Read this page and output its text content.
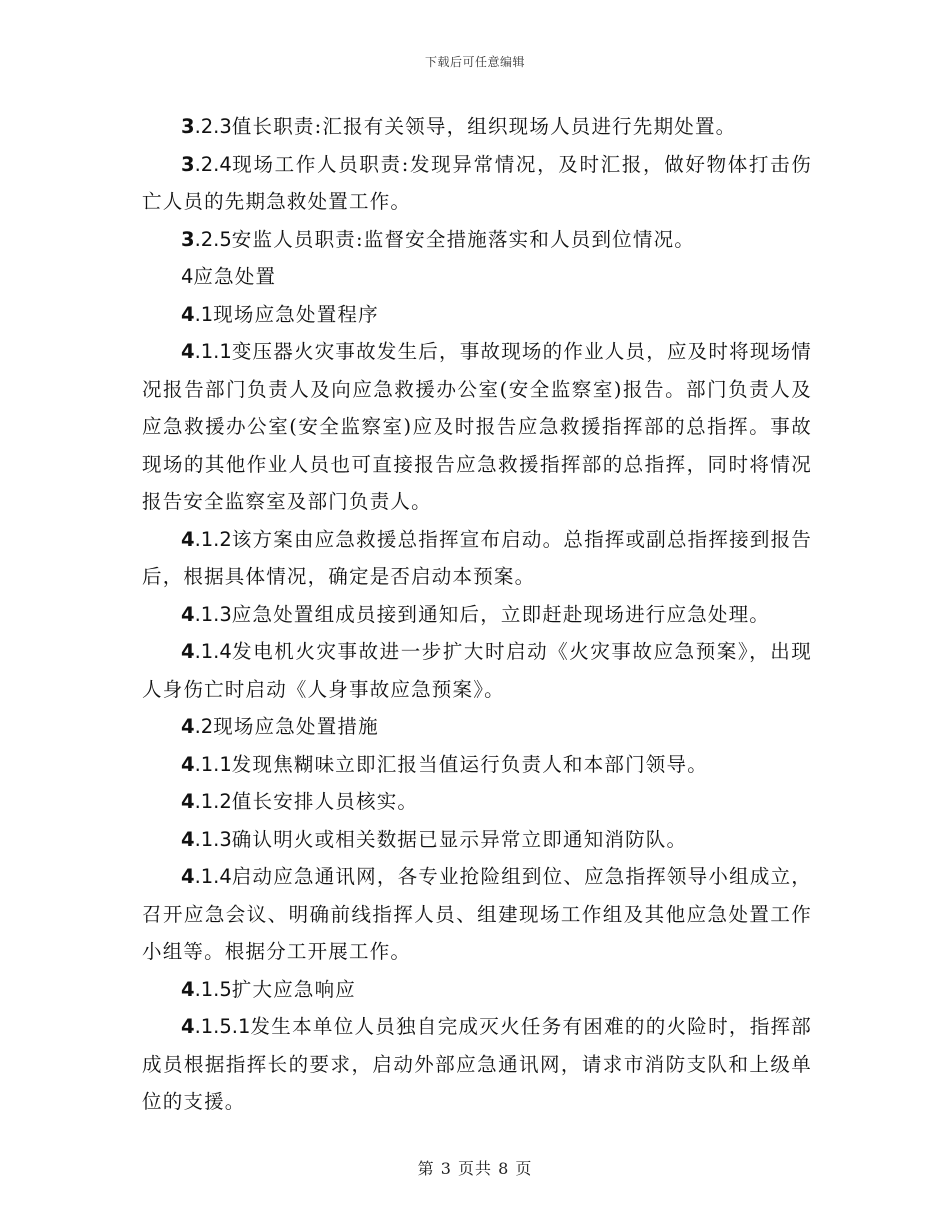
下载后可任意编辑

3.2.3值长职责:汇报有关领导，组织现场人员进行先期处置。

3.2.4现场工作人员职责:发现异常情况，及时汇报，做好物体打击伤亡人员的先期急救处置工作。

3.2.5安监人员职责:监督安全措施落实和人员到位情况。

4应急处置

4.1现场应急处置程序

4.1.1变压器火灾事故发生后，事故现场的作业人员，应及时将现场情况报告部门负责人及向应急救援办公室(安全监察室)报告。部门负责人及应急救援办公室(安全监察室)应及时报告应急救援指挥部的总指挥。事故现场的其他作业人员也可直接报告应急救援指挥部的总指挥，同时将情况报告安全监察室及部门负责人。

4.1.2该方案由应急救援总指挥宣布启动。总指挥或副总指挥接到报告后，根据具体情况，确定是否启动本预案。

4.1.3应急处置组成员接到通知后，立即赶赴现场进行应急处理。

4.1.4发电机火灾事故进一步扩大时启动《火灾事故应急预案》，出现人身伤亡时启动《人身事故应急预案》。

4.2现场应急处置措施

4.1.1发现焦糊味立即汇报当值运行负责人和本部门领导。

4.1.2值长安排人员核实。

4.1.3确认明火或相关数据已显示异常立即通知消防队。

4.1.4启动应急通讯网，各专业抢险组到位、应急指挥领导小组成立，召开应急会议、明确前线指挥人员、组建现场工作组及其他应急处置工作小组等。根据分工开展工作。

4.1.5扩大应急响应

4.1.5.1发生本单位人员独自完成灭火任务有困难的的火险时，指挥部成员根据指挥长的要求，启动外部应急通讯网，请求市消防支队和上级单位的支援。

第 3 页共 8 页
